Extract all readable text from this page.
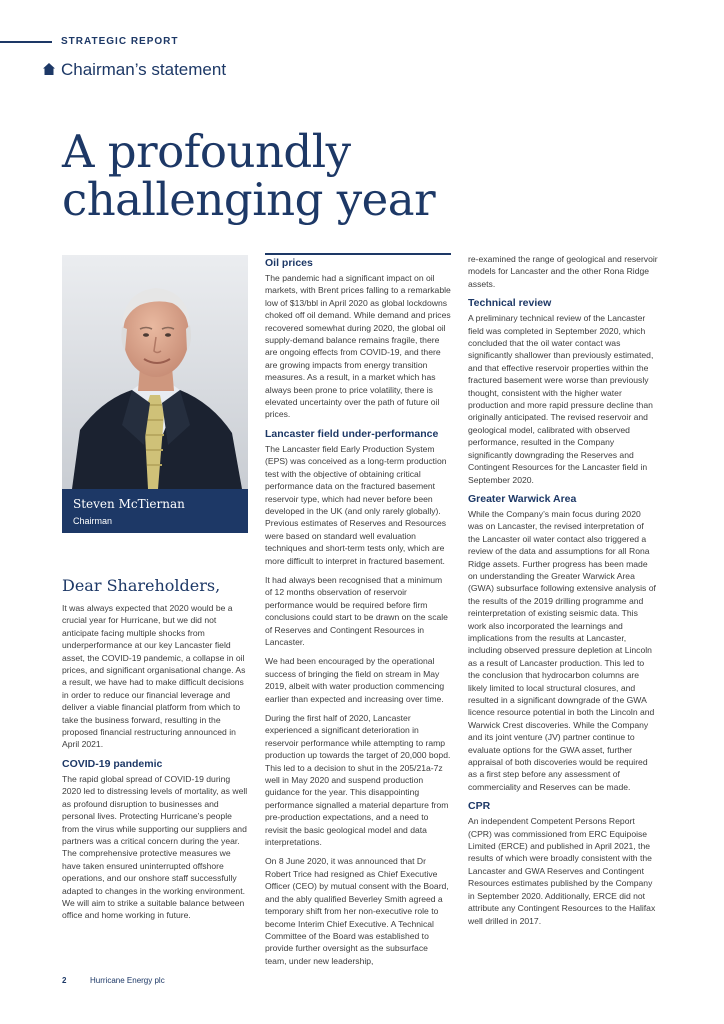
STRATEGIC REPORT
Chairman’s statement
A profoundly challenging year
Steven McTiernan
Chairman
Dear Shareholders,

It was always expected that 2020 would be a crucial year for Hurricane, but we did not anticipate facing multiple shocks from underperformance at our key Lancaster field asset, the COVID-19 pandemic, a collapse in oil prices, and significant organisational change. As a result, we have had to make difficult decisions in order to reduce our financial leverage and deliver a viable financial platform from which to take the business forward, resulting in the proposed financial restructuring announced in April 2021.

COVID-19 pandemic

The rapid global spread of COVID-19 during 2020 led to distressing levels of mortality, as well as profound disruption to businesses and personal lives. Protecting Hurricane’s people from the virus while supporting our suppliers and partners was a critical concern during the year. The comprehensive protective measures we have taken ensured uninterrupted offshore operations, and our onshore staff successfully adapted to changes in the working environment. We will aim to strike a suitable balance between office and home working in future.

Oil prices

The pandemic had a significant impact on oil markets, with Brent prices falling to a remarkable low of $13/bbl in April 2020 as global lockdowns choked off oil demand. While demand and prices recovered somewhat during 2020, the global oil supply-demand balance remains fragile, there are ongoing effects from COVID-19, and there are growing impacts from energy transition measures. As a result, in a market which has always been prone to price volatility, there is elevated uncertainty over the path of future oil prices.

Lancaster field under-performance

The Lancaster field Early Production System (EPS) was conceived as a long-term production test with the objective of obtaining critical performance data on the fractured basement reservoir type, which had never before been developed in the UK (and only rarely globally). Previous estimates of Reserves and Resources were based on standard well evaluation techniques and short-term tests only, which are more difficult to interpret in fractured basement.

It had always been recognised that a minimum of 12 months observation of reservoir performance would be required before firm conclusions could start to be drawn on the scale of Reserves and Contingent Resources in Lancaster.

We had been encouraged by the operational success of bringing the field on stream in May 2019, albeit with water production commencing earlier than expected and increasing over time.

During the first half of 2020, Lancaster experienced a significant deterioration in reservoir performance while attempting to ramp production up towards the target of 20,000 bopd. This led to a decision to shut in the 205/21a-7z well in May 2020 and suspend production guidance for the year. This disappointing performance signalled a material departure from pre-production expectations, and a need to revisit the basic geological model and data interpretations.

On 8 June 2020, it was announced that Dr Robert Trice had resigned as Chief Executive Officer (CEO) by mutual consent with the Board, and the ably qualified Beverley Smith agreed a temporary shift from her non-executive role to become Interim Chief Executive. A Technical Committee of the Board was established to provide further oversight as the subsurface team, under new leadership,

re-examined the range of geological and reservoir models for Lancaster and the other Rona Ridge assets.

Technical review

A preliminary technical review of the Lancaster field was completed in September 2020, which concluded that the oil water contact was significantly shallower than previously estimated, and that effective reservoir properties within the fractured basement were worse than previously thought, consistent with the higher water production and more rapid pressure decline than originally anticipated. The revised reservoir and geological model, calibrated with observed performance, resulted in the Company significantly downgrading the Reserves and Contingent Resources for the Lancaster field in September 2020.

Greater Warwick Area

While the Company’s main focus during 2020 was on Lancaster, the revised interpretation of the Lancaster oil water contact also triggered a review of the data and assumptions for all Rona Ridge assets. Further progress has been made on understanding the Greater Warwick Area (GWA) subsurface following extensive analysis of the results of the 2019 drilling programme and reinterpretation of existing seismic data. This work also incorporated the learnings and implications from the results at Lancaster, including observed pressure depletion at Lincoln as a result of Lancaster production. This led to the conclusion that hydrocarbon columns are likely limited to local structural closures, and resulted in a significant downgrade of the GWA licence resource potential in both the Lincoln and Warwick Crest discoveries. While the Company and its joint venture (JV) partner continue to evaluate options for the GWA asset, further appraisal of both discoveries would be required as a first step before any assessment of commerciality and Reserves can be made.

CPR

An independent Competent Persons Report (CPR) was commissioned from ERC Equipoise Limited (ERCE) and published in April 2021, the results of which were broadly consistent with the Lancaster and GWA Reserves and Contingent Resources estimates published by the Company in September 2020. Additionally, ERCE did not attribute any Contingent Resources to the Halifax well drilled in 2017.

2	Hurricane Energy plc
